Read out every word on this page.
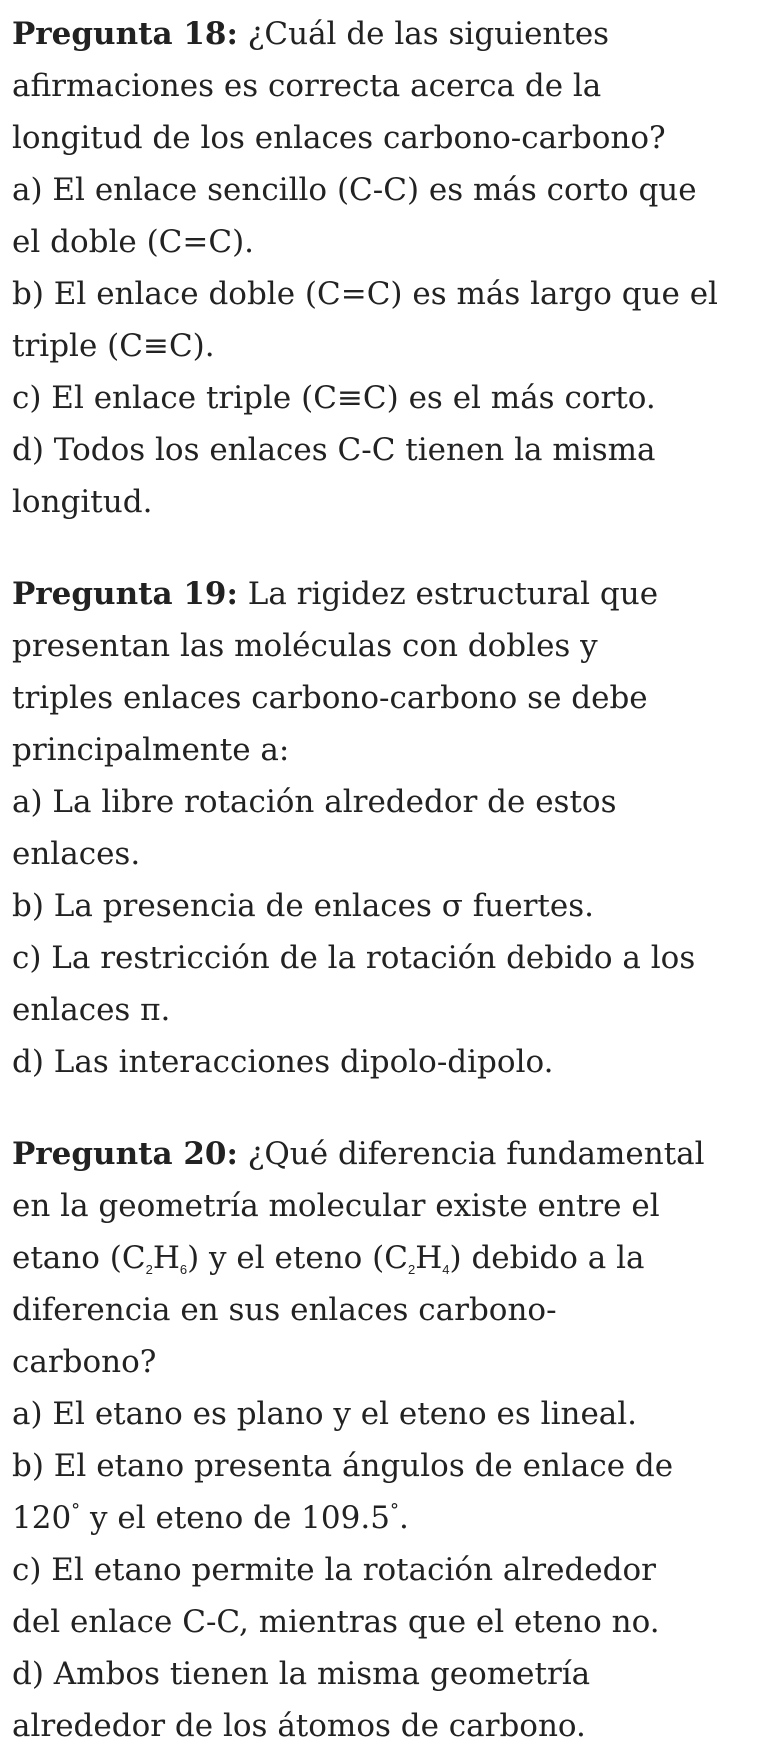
Pregunta 18: ¿Cuál de las siguientes
afirmaciones es correcta acerca de la
longitud de los enlaces carbono-carbono?
a) El enlace sencillo (C-C) es más corto que
el doble (C=C).
b) El enlace doble (C=C) es más largo que el
triple (C≡C).
c) El enlace triple (C≡C) es el más corto.
d) Todos los enlaces C-C tienen la misma
longitud.
Pregunta 19: La rigidez estructural que
presentan las moléculas con dobles y
triples enlaces carbono-carbono se debe
principalmente a:
a) La libre rotación alrededor de estos
enlaces.
b) La presencia de enlaces σ fuertes.
c) La restricción de la rotación debido a los
enlaces π.
d) Las interacciones dipolo-dipolo.
Pregunta 20: ¿Qué diferencia fundamental
en la geometría molecular existe entre el
etano $(C_2H_6)$ y el eteno $(C_2H_4)$ debido a la
diferencia en sus enlaces carbono-
carbono?
a) El etano es plano y el eteno es lineal.
b) El etano presenta ángulos de enlace de
120° y el eteno de 109.5°.
c) El etano permite la rotación alrededor
del enlace C-C, mientras que el eteno no.
d) Ambos tienen la misma geometría
alrededor de los átomos de carbono.
